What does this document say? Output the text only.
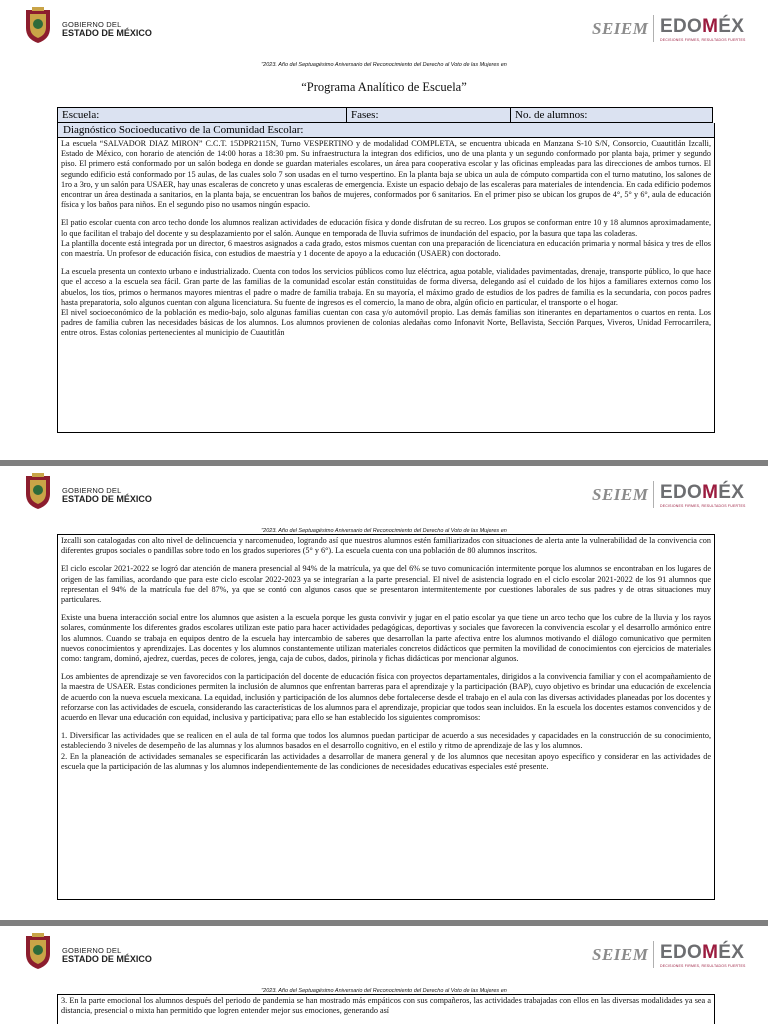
GOBIERNO DEL
ESTADO DE MÉXICO	SEIEM EDOMÉX
DECISIONES FIRMES, RESULTADOS FUERTES
"2023. Año del Septuagésimo Aniversario del Reconocimiento del Derecho al Voto de las Mujeres en
“Programa Analítico de Escuela”
Escuela:	Fases:	No. de alumnos:
Diagnóstico Socioeducativo de la Comunidad Escolar:

La escuela “SALVADOR DIAZ MIRON” C.C.T. 15DPR2115N, Turno VESPERTINO y de modalidad COMPLETA, se encuentra ubicada en Manzana S-10 S/N, Consorcio, Cuautitlán Izcalli, Estado de México, con horario de atención de 14:00 horas a 18:30 pm. Su infraestructura la integran dos edificios, uno de una planta y un segundo conformado por planta baja, primer y segundo piso. El primero está conformado por un salón bodega en donde se guardan materiales escolares, un área para cooperativa escolar y las oficinas empleadas para las direcciones de ambos turnos. El segundo edificio está conformado por 15 aulas, de las cuales solo 7 son usadas en el turno vespertino. En la planta baja se ubica un aula de cómputo compartida con el turno matutino, los salones de 1ro a 3ro, y un salón para USAER, hay unas escaleras de concreto y unas escaleras de emergencia. Existe un espacio debajo de las escaleras para materiales de intendencia. En cada edificio podemos encontrar un área destinada a sanitarios, en la planta baja, se encuentran los baños de mujeres, conformados por 6 sanitarios. En el primer piso se ubican los grupos de 4°, 5° y 6°, aula de educación física y los baños para niños. En el segundo piso no usamos ningún espacio.

El patio escolar cuenta con arco techo donde los alumnos realizan actividades de educación física y donde disfrutan de su recreo. Los grupos se conforman entre 10 y 18 alumnos aproximadamente, lo que facilitan el trabajo del docente y su desplazamiento por el salón. Aunque en temporada de lluvia sufrimos de inundación del espacio, por la basura que tapa las coladeras.

La plantilla docente está integrada por un director, 6 maestros asignados a cada grado, estos mismos cuentan con una preparación de licenciatura en educación primaria y normal básica y tres de ellos con maestría. Un profesor de educación física, con estudios de maestría y 1 docente de apoyo a la educación (USAER) con doctorado.

La escuela presenta un contexto urbano e industrializado. Cuenta con todos los servicios públicos como luz eléctrica, agua potable, vialidades pavimentadas, drenaje, transporte público, lo que hace que el acceso a la escuela sea fácil. Gran parte de las familias de la comunidad escolar están constituidas de forma diversa, delegando así el cuidado de los hijos a familiares externos como los abuelos, los tíos, primos o hermanos mayores mientras el padre o madre de familia trabaja. En su mayoría, el máximo grado de estudios de los padres de familia es la secundaria, con pocos padres hasta preparatoria, solo algunos cuentan con alguna licenciatura. Su fuente de ingresos es el comercio, la mano de obra, algún oficio en particular, el transporte o el hogar.

El nivel socioeconómico de la población es medio-bajo, solo algunas familias cuentan con casa y/o automóvil propio. Las demás familias son itinerantes en departamentos o cuartos en renta. Los padres de familia cubren las necesidades básicas de los alumnos. Los alumnos provienen de colonias aledañas como Infonavit Norte, Bellavista, Sección Parques, Viveros, Unidad Ferrocarrilera, entre otros. Estas colonias pertenecientes al municipio de Cuautitlán

GOBIERNO DEL
ESTADO DE MÉXICO	SEIEM EDOMÉX
DECISIONES FIRMES, RESULTADOS FUERTES
"2023. Año del Septuagésimo Aniversario del Reconocimiento del Derecho al Voto de las Mujeres en

Izcalli son catalogadas con alto nivel de delincuencia y narcomenudeo, logrando así que nuestros alumnos estén familiarizados con situaciones de alerta ante la vulnerabilidad de la convivencia con diferentes grupos sociales o pandillas sobre todo en los grados superiores (5° y 6°). La escuela cuenta con una población de 80 alumnos inscritos.

El ciclo escolar 2021-2022 se logró dar atención de manera presencial al 94% de la matrícula, ya que del 6% se tuvo comunicación intermitente porque los alumnos se encontraban en los lugares de origen de las familias, acordando que para este ciclo escolar 2022-2023 ya se integrarían a la parte presencial. El nivel de asistencia logrado en el ciclo escolar 2021-2022 de los 91 alumnos que representan el 94% de la matrícula fue del 87%, ya que se contó con algunos casos que se presentaron intermitentemente por cuestiones laborales de sus padres y de otras situaciones muy particulares.

Existe una buena interacción social entre los alumnos que asisten a la escuela porque les gusta convivir y jugar en el patio escolar ya que tiene un arco techo que los cubre de la lluvia y los rayos solares, comúnmente los diferentes grados escolares utilizan este patio para hacer actividades pedagógicas, deportivas y sociales que favorecen la convivencia escolar y el desarrollo armónico entre los alumnos. Cuando se trabaja en equipos dentro de la escuela hay intercambio de saberes que desarrollan la parte afectiva entre los alumnos motivando el diálogo comunicativo que permiten nuevos conocimientos y aprendizajes. Las docentes y los alumnos constantemente utilizan materiales concretos didácticos que permiten la movilidad de conocimientos con ejercicios de materiales como: tangram, dominó, ajedrez, cuerdas, peces de colores, jenga, caja de cubos, dados, pirinola y fichas didácticas por mencionar algunos.

Los ambientes de aprendizaje se ven favorecidos con la participación del docente de educación física con proyectos departamentales, dirigidos a la convivencia familiar y con el acompañamiento de la maestra de USAER. Estas condiciones permiten la inclusión de alumnos que enfrentan barreras para el aprendizaje y la participación (BAP), cuyo objetivo es brindar una educación de excelencia de acuerdo con la nueva escuela mexicana. La equidad, inclusión y participación de los alumnos debe fortalecerse desde el trabajo en el aula con las diversas actividades planeadas por los docentes y reforzarse con las actividades de escuela, considerando las características de los alumnos para el aprendizaje, propiciar que todos sean incluidos. En la escuela los docentes estamos convencidos y de acuerdo en llevar una educación con equidad, inclusiva y participativa; para ello se han establecido los siguientes compromisos:

1. Diversificar las actividades que se realicen en el aula de tal forma que todos los alumnos puedan participar de acuerdo a sus necesidades y capacidades en la construcción de su conocimiento, estableciendo 3 niveles de desempeño de las alumnas y los alumnos basados en el desarrollo cognitivo, en el estilo y ritmo de aprendizaje de las y los alumnos.

2. En la planeación de actividades semanales se especificarán las actividades a desarrollar de manera general y de los alumnos que necesitan apoyo específico y considerar en las actividades de escuela que la participación de las alumnas y los alumnos independientemente de las condiciones de necesidades educativas especiales esté presente.

GOBIERNO DEL
ESTADO DE MÉXICO	SEIEM EDOMÉX
DECISIONES FIRMES, RESULTADOS FUERTES
"2023. Año del Septuagésimo Aniversario del Reconocimiento del Derecho al Voto de las Mujeres en

3. En la parte emocional los alumnos después del periodo de pandemia se han mostrado más empáticos con sus compañeros, las actividades trabajadas con ellos en las diversas modalidades ya sea a distancia, presencial o mixta han permitido que logren entender mejor sus emociones, generando así
